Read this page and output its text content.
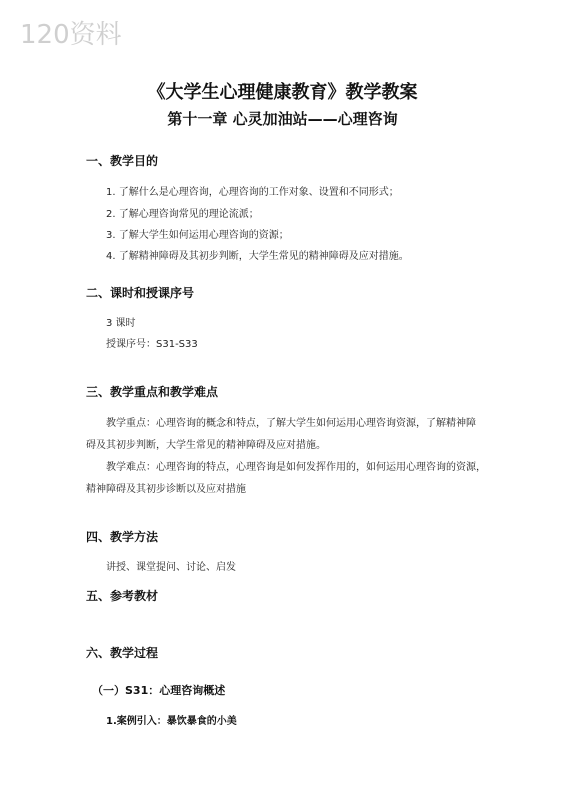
120资料
《大学生心理健康教育》教学教案
第十一章 心灵加油站——心理咨询
一、教学目的
1. 了解什么是心理咨询，心理咨询的工作对象、设置和不同形式；
2. 了解心理咨询常见的理论流派；
3. 了解大学生如何运用心理咨询的资源；
4. 了解精神障碍及其初步判断，大学生常见的精神障碍及应对措施。
二、课时和授课序号
3 课时
授课序号：S31-S33
三、教学重点和教学难点
教学重点：心理咨询的概念和特点，了解大学生如何运用心理咨询资源，了解精神障
碍及其初步判断，大学生常见的精神障碍及应对措施。
教学难点：心理咨询的特点，心理咨询是如何发挥作用的，如何运用心理咨询的资源，
精神障碍及其初步诊断以及应对措施
四、教学方法
讲授、课堂提问、讨论、启发
五、参考教材
六、教学过程
（一）S31：心理咨询概述
1.案例引入：暴饮暴食的小美
